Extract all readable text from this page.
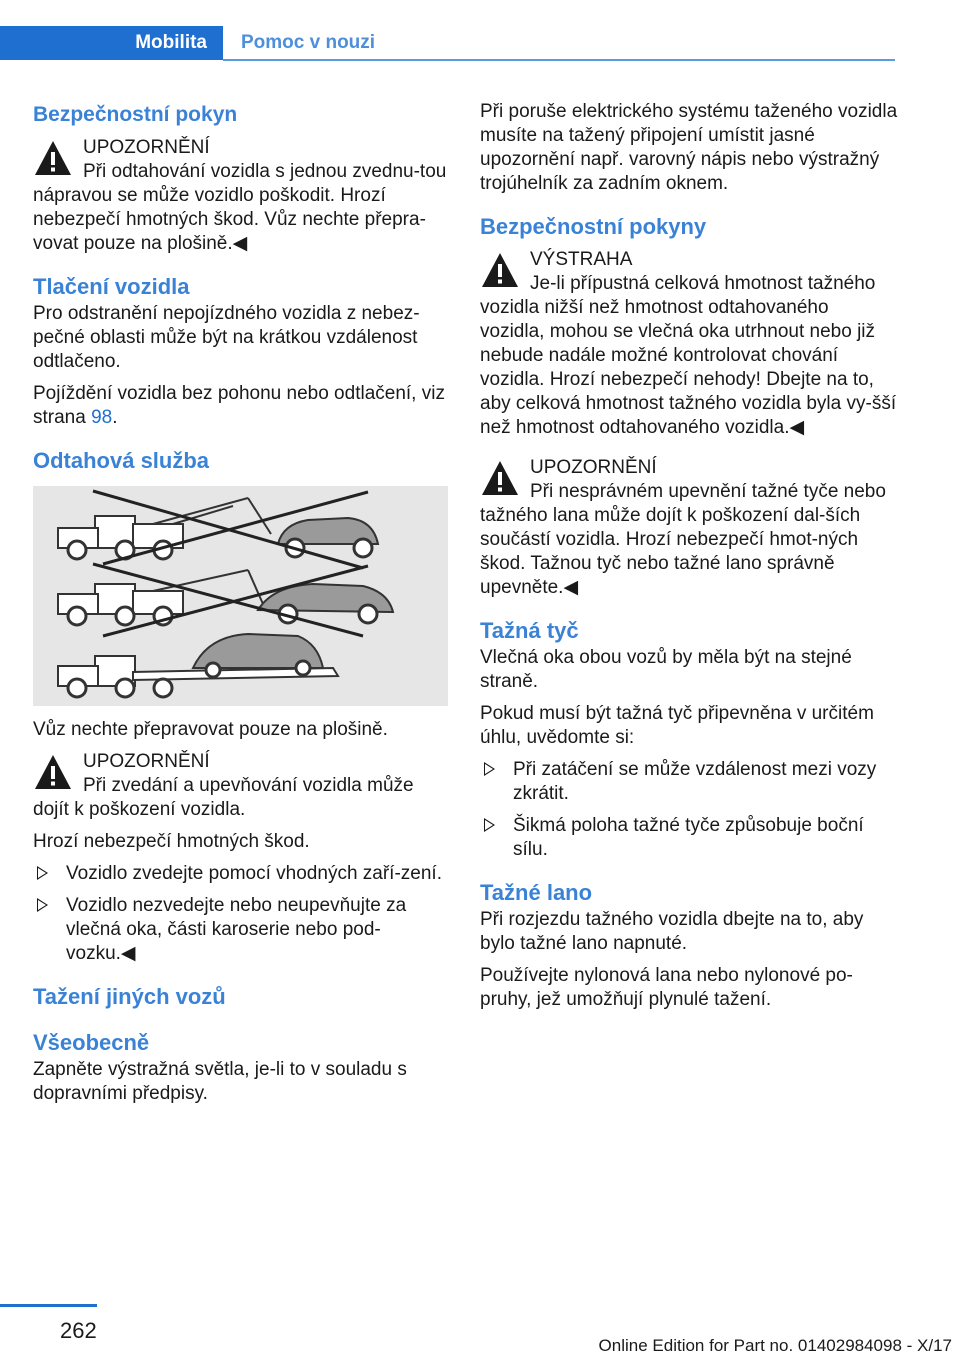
Mobilita	Pomoc v nouzi
Bezpečnostní pokyn
UPOZORNĚNÍ

Při odtahování vozidla s jednou zvednu‐tou nápravou se může vozidlo poškodit. Hrozí nebezpečí hmotných škod. Vůz nechte přepra‐vovat pouze na plošině.◀

Tlačení vozidla

Pro odstranění nepojízdného vozidla z nebez‐pečné oblasti může být na krátkou vzdálenost odtlačeno.

Pojíždění vozidla bez pohonu nebo odtlačení, viz strana 98.

Odtahová služba

Vůz nechte přepravovat pouze na plošině.

UPOZORNĚNÍ

Při zvedání a upevňování vozidla může dojít k poškození vozidla.

Hrozí nebezpečí hmotných škod.

Vozidlo zvedejte pomocí vhodných zaří‐zení.
Vozidlo nezvedejte nebo neupevňujte za vlečná oka, části karoserie nebo pod‐vozku.◀
Tažení jiných vozů
Všeobecně

Zapněte výstražná světla, je-li to v souladu s dopravními předpisy.

Při poruše elektrického systému taženého vozidla musíte na tažený připojení umístit jasné upozornění např. varovný nápis nebo výstražný trojúhelník za zadním oknem.

Bezpečnostní pokyny
VÝSTRAHA

Je-li přípustná celková hmotnost tažného vozidla nižší než hmotnost odtahovaného vozidla, mohou se vlečná oka utrhnout nebo již nebude nadále možné kontrolovat chování vozidla. Hrozí nebezpečí nehody! Dbejte na to, aby celková hmotnost tažného vozidla byla vy‐šší než hmotnost odtahovaného vozidla.◀

UPOZORNĚNÍ

Při nesprávném upevnění tažné tyče nebo tažného lana může dojít k poškození dal‐ších součástí vozidla. Hrozí nebezpečí hmot‐ných škod. Tažnou tyč nebo tažné lano správně upevněte.◀

Tažná tyč

Vlečná oka obou vozů by měla být na stejné straně.

Pokud musí být tažná tyč připevněna v určitém úhlu, uvědomte si:

Při zatáčení se může vzdálenost mezi vozy zkrátit.
Šikmá poloha tažné tyče způsobuje boční sílu.
Tažné lano

Při rozjezdu tažného vozidla dbejte na to, aby bylo tažné lano napnuté.

Používejte nylonová lana nebo nylonové po‐pruhy, jež umožňují plynulé tažení.

262
Online Edition for Part no. 01402984098 - X/17
